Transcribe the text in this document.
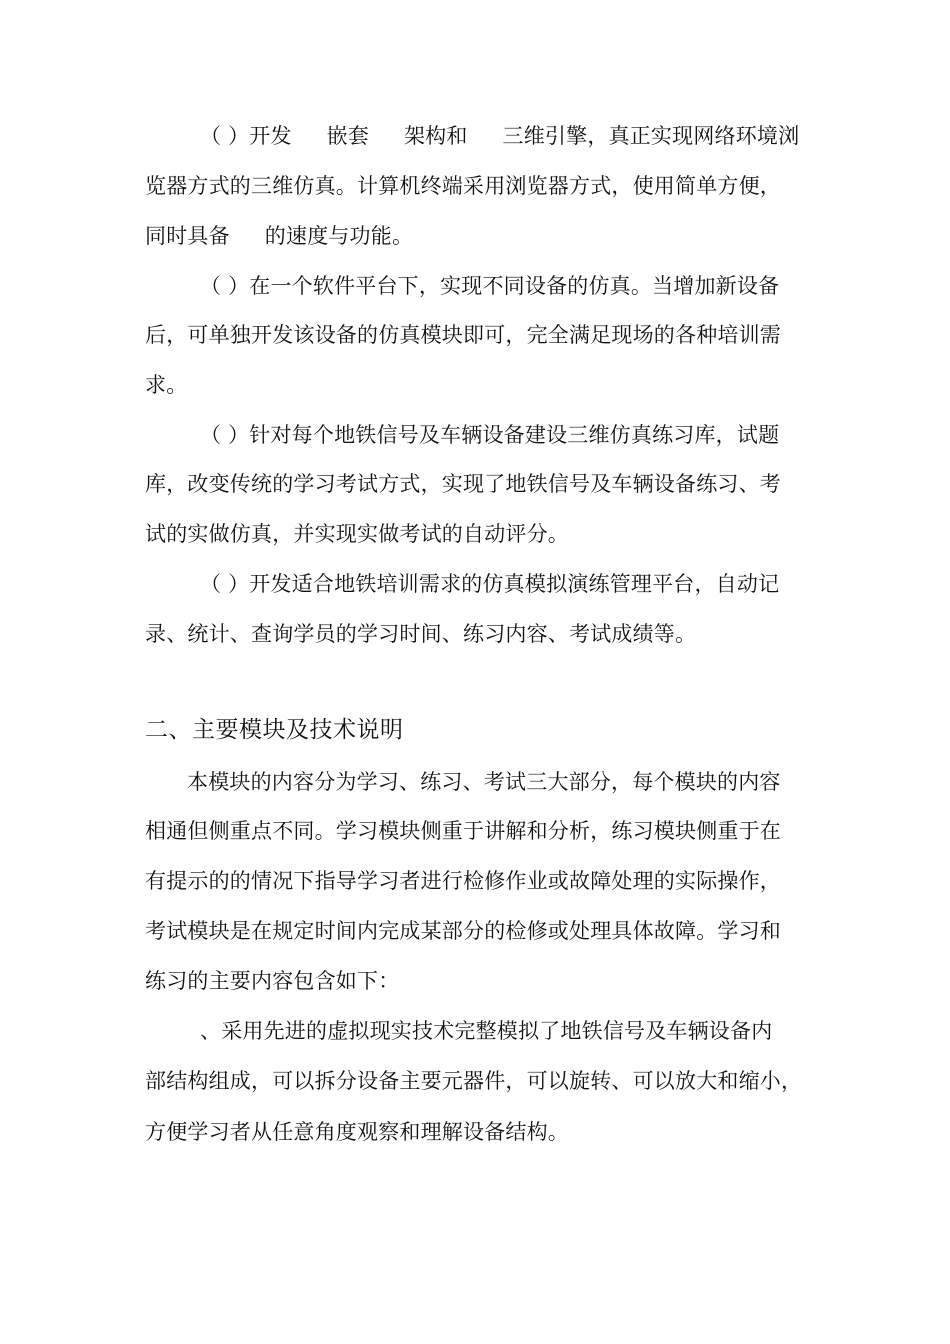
（ ）开发 　 嵌套 　 架构和 　 三维引擎，真正实现网络环境浏
览器方式的三维仿真。计算机终端采用浏览器方式，使用简单方便，
同时具备 　 的速度与功能。
（ ）在一个软件平台下，实现不同设备的仿真。当增加新设备
后，可单独开发该设备的仿真模块即可，完全满足现场的各种培训需
求。
（ ）针对每个地铁信号及车辆设备建设三维仿真练习库，试题
库，改变传统的学习考试方式，实现了地铁信号及车辆设备练习、考
试的实做仿真，并实现实做考试的自动评分。
（ ）开发适合地铁培训需求的仿真模拟演练管理平台，自动记
录、统计、查询学员的学习时间、练习内容、考试成绩等。
二、主要模块及技术说明
本模块的内容分为学习、练习、考试三大部分，每个模块的内容
相通但侧重点不同。学习模块侧重于讲解和分析，练习模块侧重于在
有提示的的情况下指导学习者进行检修作业或故障处理的实际操作，
考试模块是在规定时间内完成某部分的检修或处理具体故障。学习和
练习的主要内容包含如下：
、采用先进的虚拟现实技术完整模拟了地铁信号及车辆设备内
部结构组成，可以拆分设备主要元器件，可以旋转、可以放大和缩小，
方便学习者从任意角度观察和理解设备结构。
